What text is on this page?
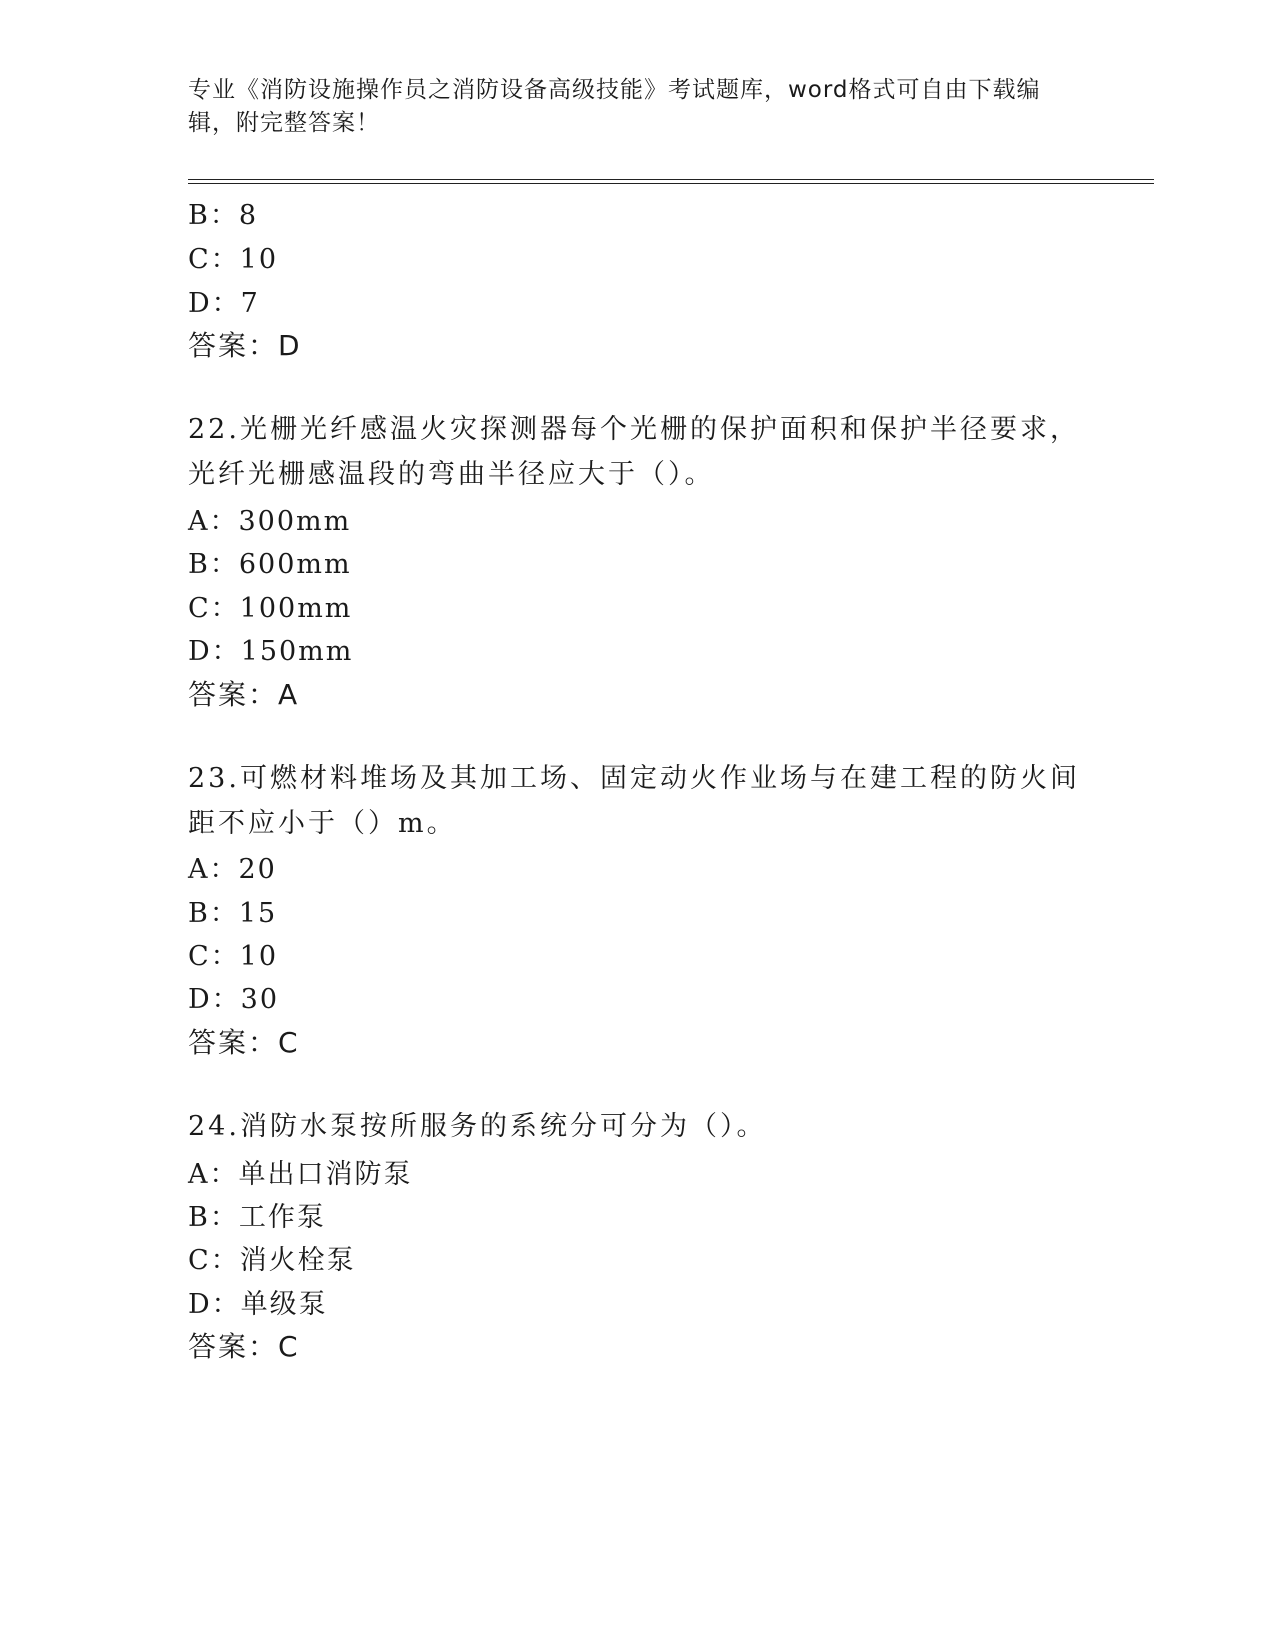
专业《消防设施操作员之消防设备高级技能》考试题库，word格式可自由下载编辑，附完整答案！
B：8
C：10
D：7
答案：D
22.光栅光纤感温火灾探测器每个光栅的保护面积和保护半径要求，光纤光栅感温段的弯曲半径应大于（）。
A：300mm
B：600mm
C：100mm
D：150mm
答案：A
23.可燃材料堆场及其加工场、固定动火作业场与在建工程的防火间距不应小于（）m。
A：20
B：15
C：10
D：30
答案：C
24.消防水泵按所服务的系统分可分为（）。
A：单出口消防泵
B：工作泵
C：消火栓泵
D：单级泵
答案：C
